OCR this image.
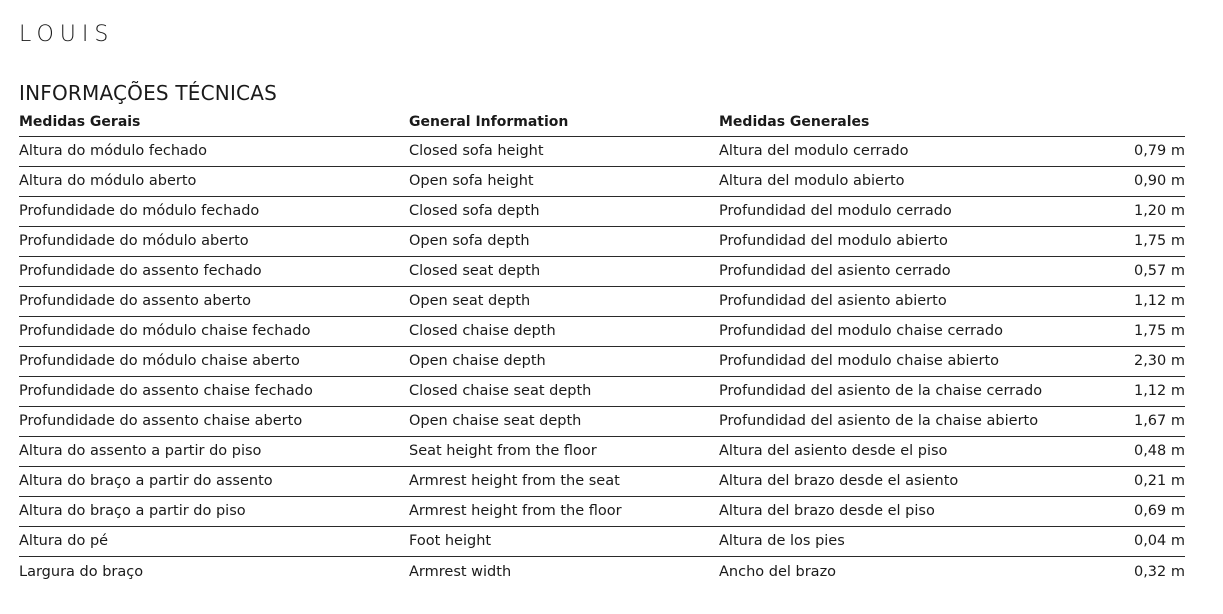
LOUIS
INFORMAÇÕES TÉCNICAS
Medidas Gerais	General Information	Medidas Generales
Altura do módulo fechado	Closed sofa height	Altura del modulo cerrado	0,79 m
Altura do módulo aberto	Open sofa height	Altura del modulo abierto	0,90 m
Profundidade do módulo fechado	Closed sofa depth	Profundidad del modulo cerrado	1,20 m
Profundidade do módulo aberto	Open sofa depth	Profundidad del modulo abierto	1,75 m
Profundidade do assento fechado	Closed seat depth	Profundidad del asiento cerrado	0,57 m
Profundidade do assento aberto	Open seat depth	Profundidad del asiento abierto	1,12 m
Profundidade do módulo chaise fechado	Closed chaise depth	Profundidad del modulo chaise cerrado	1,75 m
Profundidade do módulo chaise aberto	Open chaise depth	Profundidad del modulo chaise abierto	2,30 m
Profundidade do assento chaise fechado	Closed chaise seat depth	Profundidad del asiento de la chaise cerrado	1,12 m
Profundidade do assento chaise aberto	Open chaise seat depth	Profundidad del asiento de la chaise abierto	1,67 m
Altura do assento a partir do piso	Seat height from the floor	Altura del asiento desde el piso	0,48 m
Altura do braço a partir do assento	Armrest height from the seat	Altura del brazo desde el asiento	0,21 m
Altura do braço a partir do piso	Armrest height from the floor	Altura del brazo desde el piso	0,69 m
Altura do pé	Foot height	Altura de los pies	0,04 m
Largura do braço	Armrest width	Ancho del brazo	0,32 m
